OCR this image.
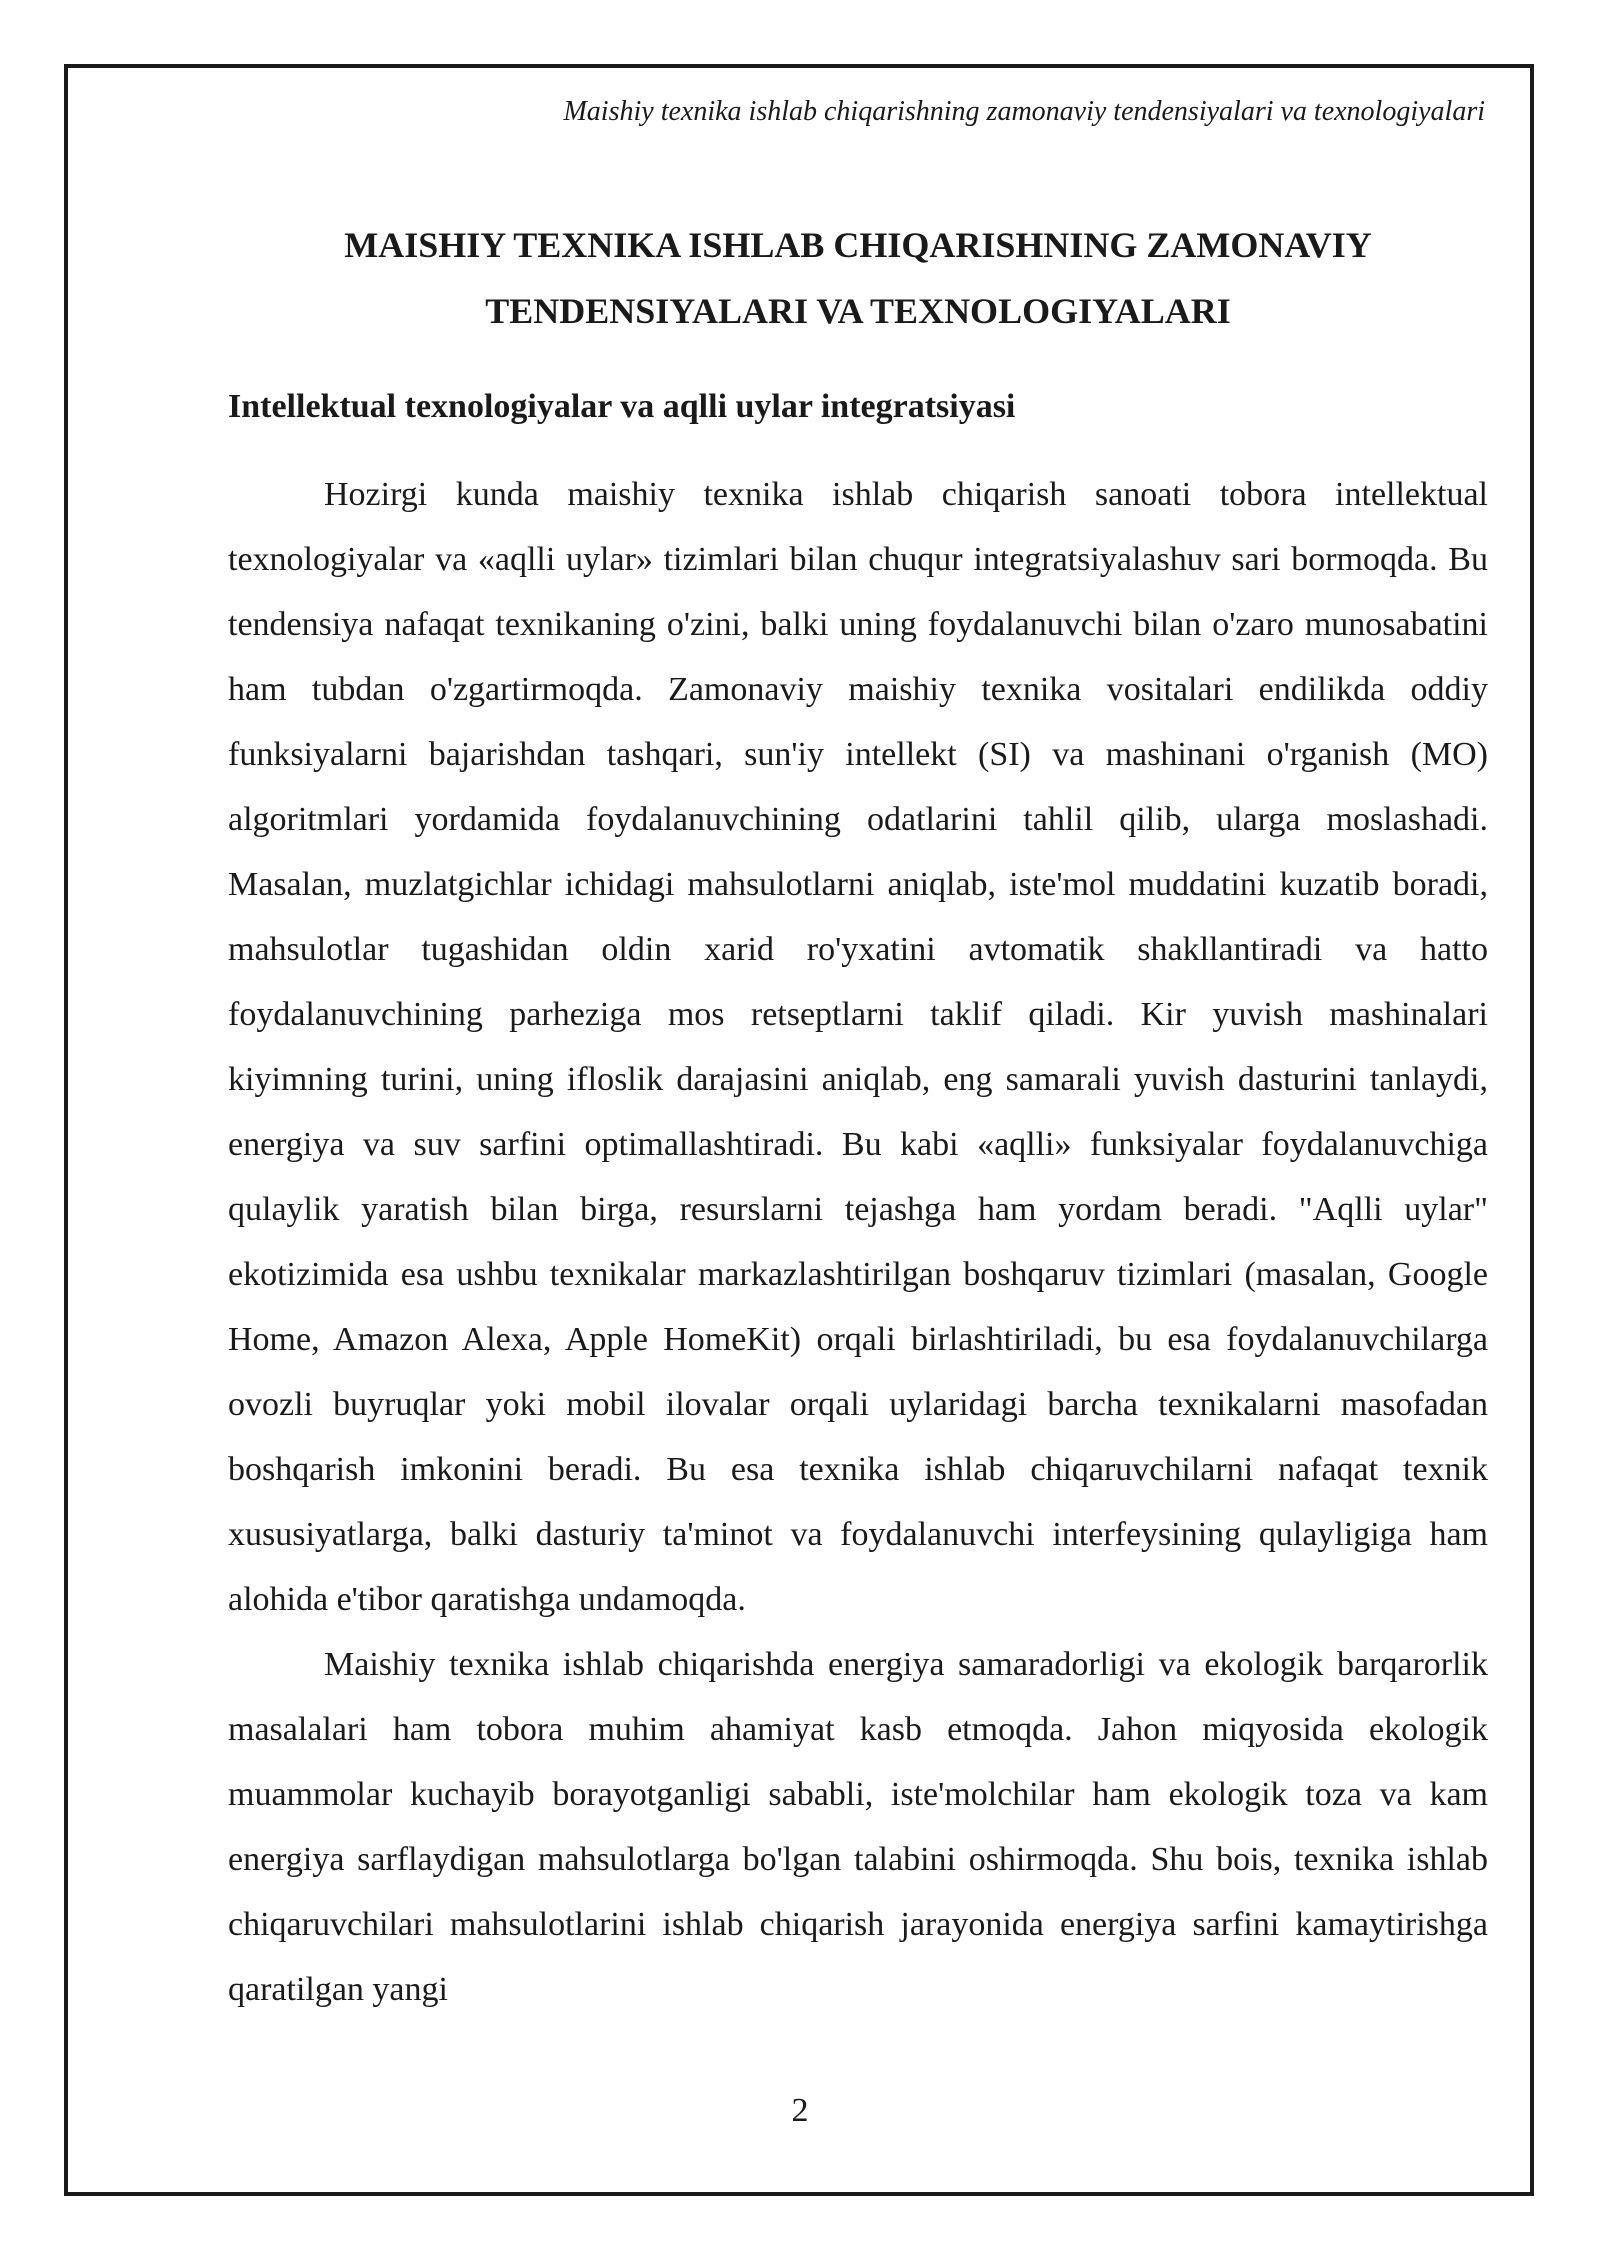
Maishiy texnika ishlab chiqarishning zamonaviy tendensiyalari va texnologiyalari
MAISHIY TEXNIKA ISHLAB CHIQARISHNING ZAMONAVIY
TENDENSIYALARI VA TEXNOLOGIYALARI
Intellektual texnologiyalar va aqlli uylar integratsiyasi

Hozirgi kunda maishiy texnika ishlab chiqarish sanoati tobora intellektual texnologiyalar va «aqlli uylar» tizimlari bilan chuqur integratsiyalashuv sari bormoqda. Bu tendensiya nafaqat texnikaning o'zini, balki uning foydalanuvchi bilan o'zaro munosabatini ham tubdan o'zgartirmoqda. Zamonaviy maishiy texnika vositalari endilikda oddiy funksiyalarni bajarishdan tashqari, sun'iy intellekt (SI) va mashinani o'rganish (MO) algoritmlari yordamida foydalanuvchining odatlarini tahlil qilib, ularga moslashadi. Masalan, muzlatgichlar ichidagi mahsulotlarni aniqlab, iste'mol muddatini kuzatib boradi, mahsulotlar tugashidan oldin xarid ro'yxatini avtomatik shakllantiradi va hatto foydalanuvchining parheziga mos retseptlarni taklif qiladi. Kir yuvish mashinalari kiyimning turini, uning ifloslik darajasini aniqlab, eng samarali yuvish dasturini tanlaydi, energiya va suv sarfini optimallashtiradi. Bu kabi «aqlli» funksiyalar foydalanuvchiga qulaylik yaratish bilan birga, resurslarni tejashga ham yordam beradi. "Aqlli uylar" ekotizimida esa ushbu texnikalar markazlashtirilgan boshqaruv tizimlari (masalan, Google Home, Amazon Alexa, Apple HomeKit) orqali birlashtiriladi, bu esa foydalanuvchilarga ovozli buyruqlar yoki mobil ilovalar orqali uylaridagi barcha texnikalarni masofadan boshqarish imkonini beradi. Bu esa texnika ishlab chiqaruvchilarni nafaqat texnik xususiyatlarga, balki dasturiy ta'minot va foydalanuvchi interfeysining qulayligiga ham alohida e'tibor qaratishga undamoqda.

Maishiy texnika ishlab chiqarishda energiya samaradorligi va ekologik barqarorlik masalalari ham tobora muhim ahamiyat kasb etmoqda. Jahon miqyosida ekologik muammolar kuchayib borayotganligi sababli, iste'molchilar ham ekologik toza va kam energiya sarflaydigan mahsulotlarga bo'lgan talabini oshirmoqda. Shu bois, texnika ishlab chiqaruvchilari mahsulotlarini ishlab chiqarish jarayonida energiya sarfini kamaytirishga qaratilgan yangi

2
